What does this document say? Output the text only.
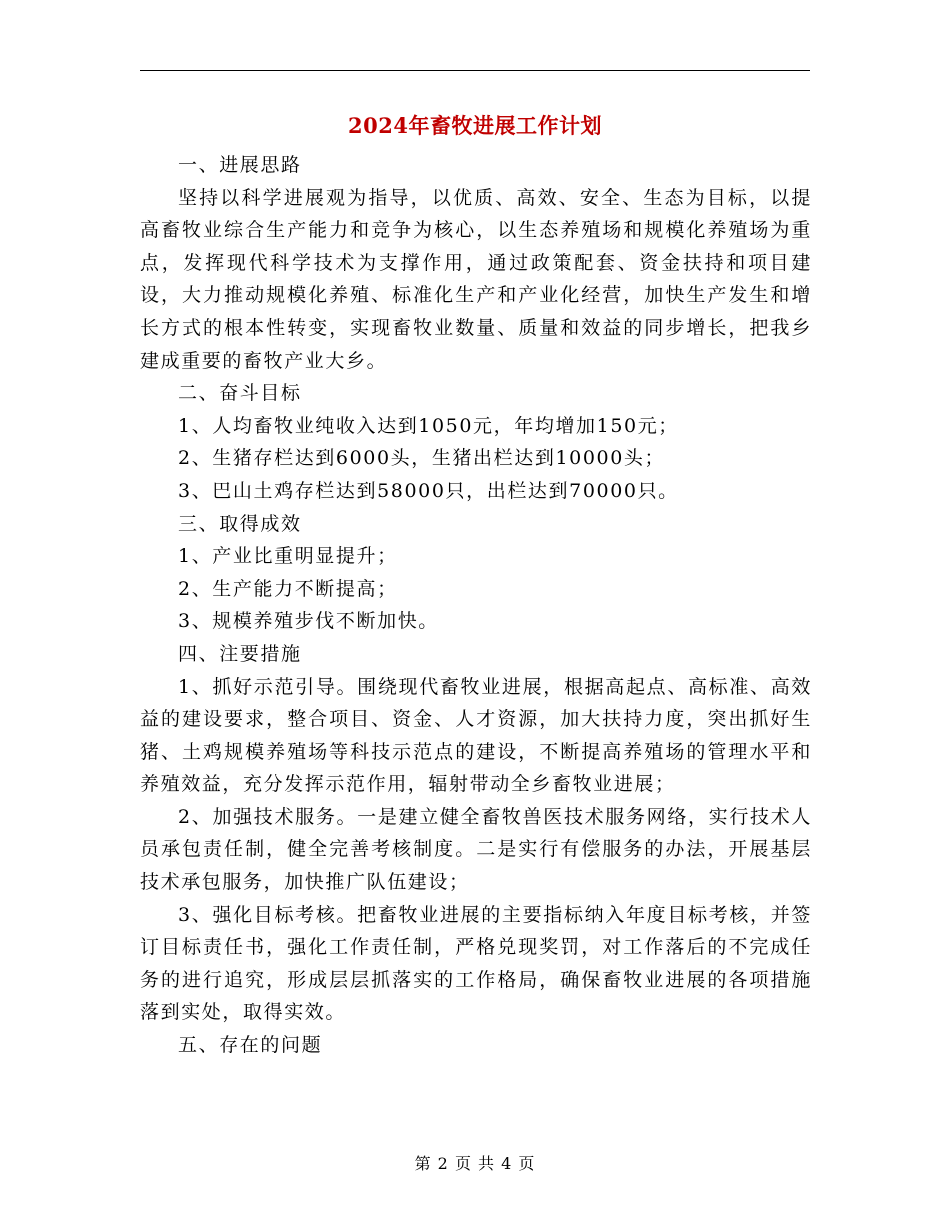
2024年畜牧进展工作计划

一、进展思路

坚持以科学进展观为指导，以优质、高效、安全、生态为目标，以提高畜牧业综合生产能力和竞争为核心，以生态养殖场和规模化养殖场为重点，发挥现代科学技术为支撑作用，通过政策配套、资金扶持和项目建设，大力推动规模化养殖、标准化生产和产业化经营，加快生产发生和增长方式的根本性转变，实现畜牧业数量、质量和效益的同步增长，把我乡建成重要的畜牧产业大乡。

二、奋斗目标

1、人均畜牧业纯收入达到1050元，年均增加150元；

2、生猪存栏达到6000头，生猪出栏达到10000头；

3、巴山土鸡存栏达到58000只，出栏达到70000只。

三、取得成效

1、产业比重明显提升；

2、生产能力不断提高；

3、规模养殖步伐不断加快。

四、注要措施

1、抓好示范引导。围绕现代畜牧业进展，根据高起点、高标准、高效益的建设要求，整合项目、资金、人才资源，加大扶持力度，突出抓好生猪、土鸡规模养殖场等科技示范点的建设，不断提高养殖场的管理水平和养殖效益，充分发挥示范作用，辐射带动全乡畜牧业进展；

2、加强技术服务。一是建立健全畜牧兽医技术服务网络，实行技术人员承包责任制，健全完善考核制度。二是实行有偿服务的办法，开展基层技术承包服务，加快推广队伍建设；

3、强化目标考核。把畜牧业进展的主要指标纳入年度目标考核，并签订目标责任书，强化工作责任制，严格兑现奖罚，对工作落后的不完成任务的进行追究，形成层层抓落实的工作格局，确保畜牧业进展的各项措施落到实处，取得实效。

五、存在的问题

第 2 页 共 4 页
